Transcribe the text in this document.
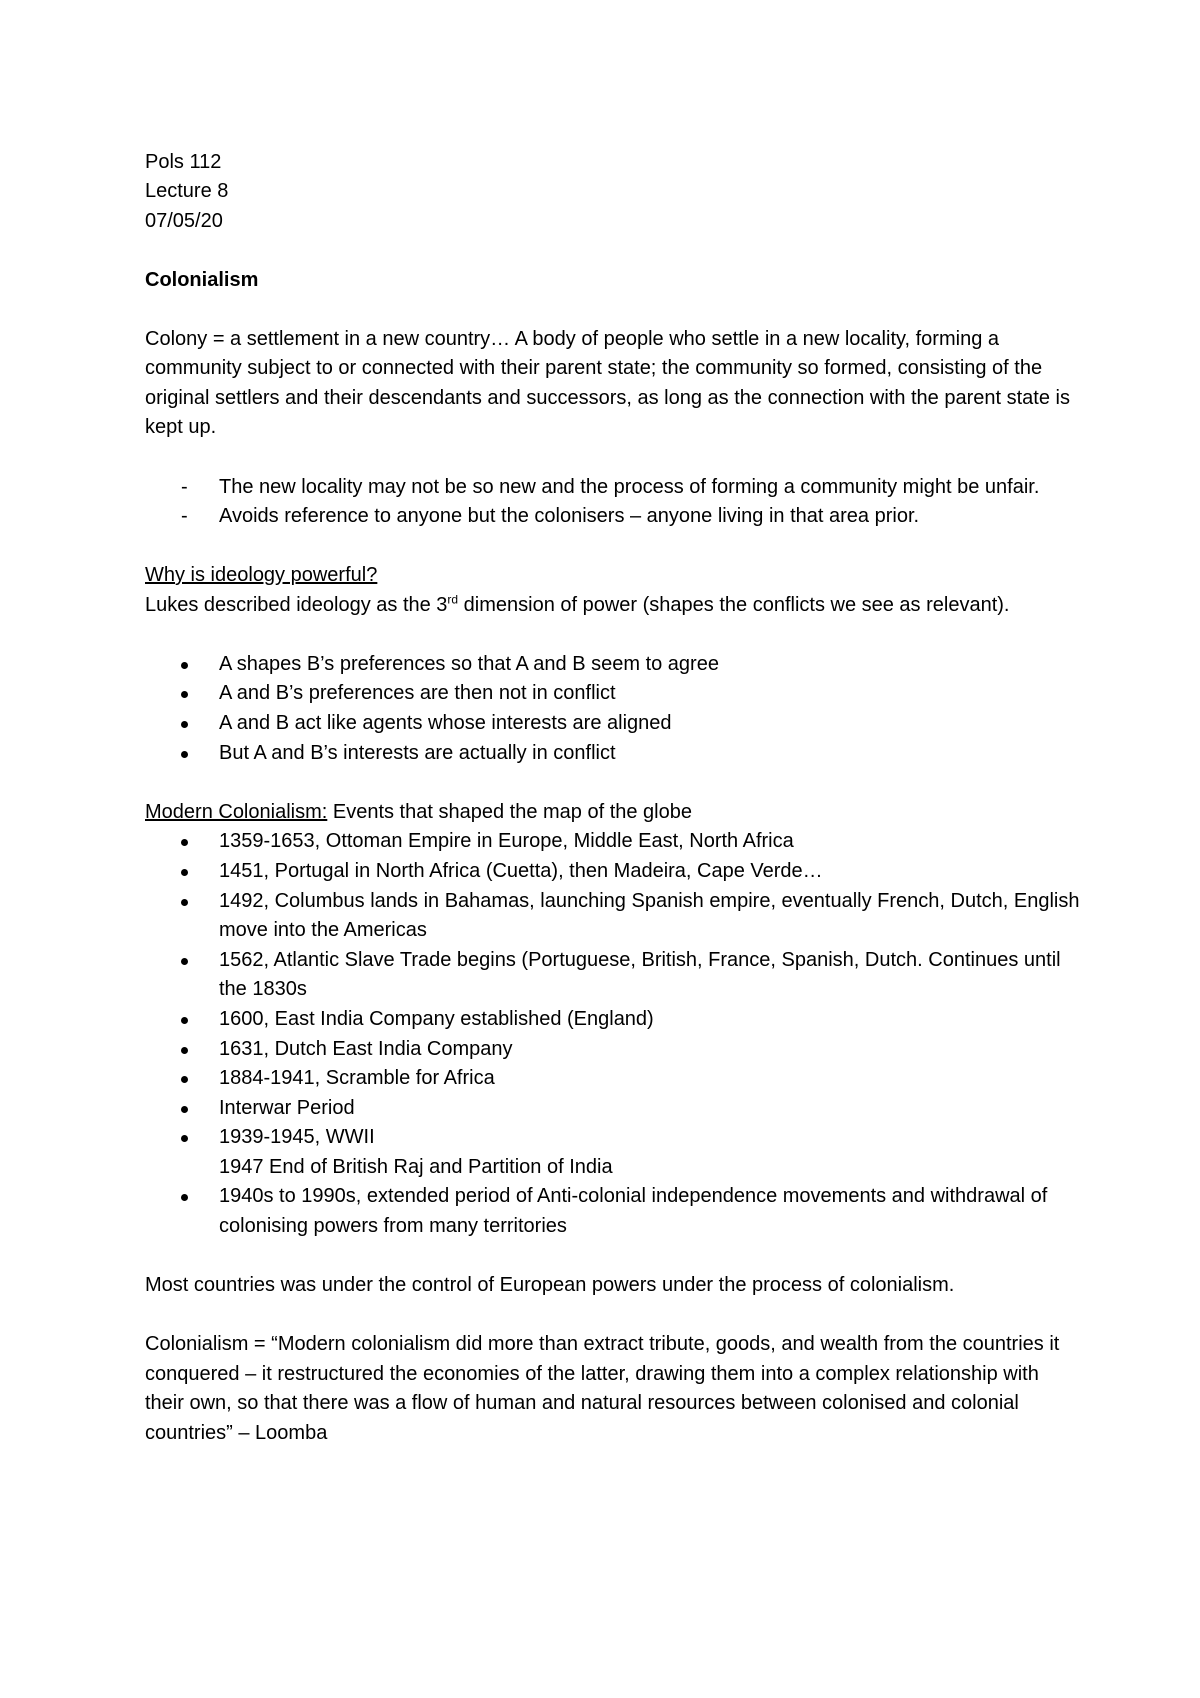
Pols 112

Lecture 8

07/05/20

Colonialism

Colony = a settlement in a new country… A body of people who settle in a new locality, forming a community subject to or connected with their parent state; the community so formed, consisting of the original settlers and their descendants and successors, as long as the connection with the parent state is kept up.

- The new locality may not be so new and the process of forming a community might be unfair.
- Avoids reference to anyone but the colonisers – anyone living in that area prior.

Why is ideology powerful?

Lukes described ideology as the 3rd dimension of power (shapes the conflicts we see as relevant).

A shapes B’s preferences so that A and B seem to agree
A and B’s preferences are then not in conflict
A and B act like agents whose interests are aligned
But A and B’s interests are actually in conflict

Modern Colonialism: Events that shaped the map of the globe

1359-1653, Ottoman Empire in Europe, Middle East, North Africa
1451, Portugal in North Africa (Cuetta), then Madeira, Cape Verde…
1492, Columbus lands in Bahamas, launching Spanish empire, eventually French, Dutch, English move into the Americas
1562, Atlantic Slave Trade begins (Portuguese, British, France, Spanish, Dutch. Continues until the 1830s
1600, East India Company established (England)
1631, Dutch East India Company
1884-1941, Scramble for Africa
Interwar Period
1939-1945, WWII
1947 End of British Raj and Partition of India
1940s to 1990s, extended period of Anti-colonial independence movements and withdrawal of colonising powers from many territories

Most countries was under the control of European powers under the process of colonialism.

Colonialism = “Modern colonialism did more than extract tribute, goods, and wealth from the countries it conquered – it restructured the economies of the latter, drawing them into a complex relationship with their own, so that there was a flow of human and natural resources between colonised and colonial countries” – Loomba
